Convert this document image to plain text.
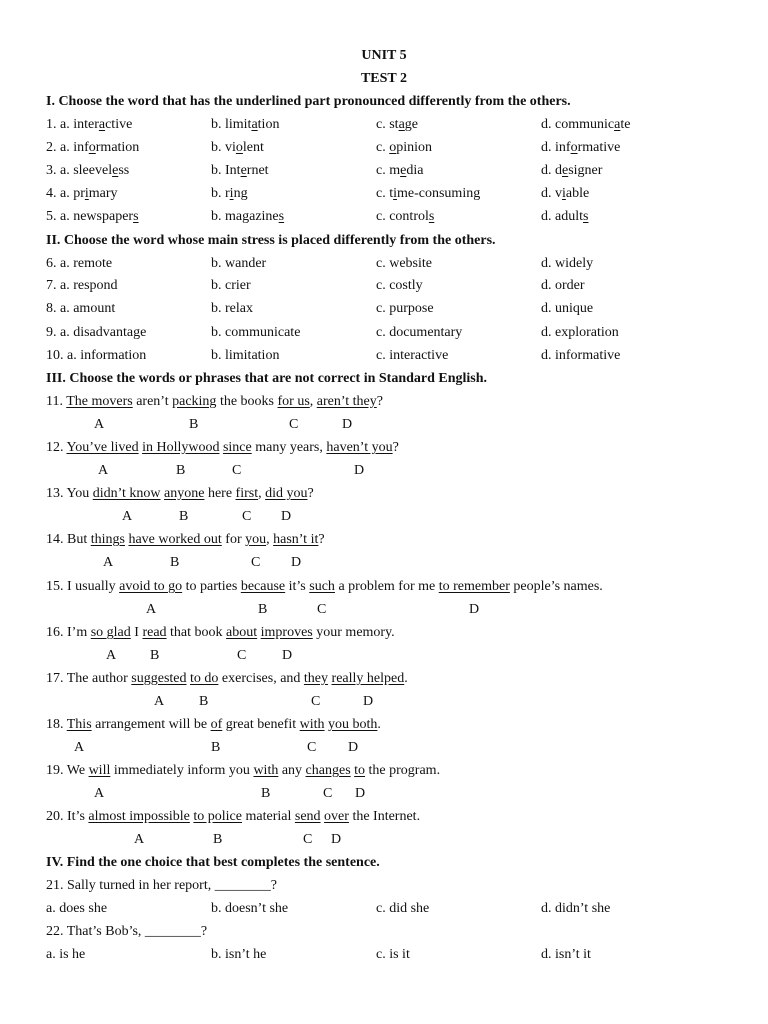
UNIT 5
TEST 2
I. Choose the word that has the underlined part pronounced differently from the others.
1. a. interactive	b. limitation	c. stage	d. communicate
2. a. information	b. violent	c. opinion	d. informative
3. a. sleeveless	b. Internet	c. media	d. designer
4. a. primary	b. ring	c. time-consuming	d. viable
5. a. newspapers	b. magazines	c. controls	d. adults
II. Choose the word whose main stress is placed differently from the others.
6. a. remote	b. wander	c. website	d. widely
7. a. respond	b. crier	c. costly	d. order
8. a. amount	b. relax	c. purpose	d. unique
9. a. disadvantage	b. communicate	c. documentary	d. exploration
10. a. information	b. limitation	c. interactive	d. informative
III. Choose the words or phrases that are not correct in Standard English.
11. The movers aren’t packing the books for us, aren’t they?
12. You’ve lived in Hollywood since many years, haven’t you?
13. You didn’t know anyone here first, did you?
14. But things have worked out for you, hasn’t it?
15. I usually avoid to go to parties because it’s such a problem for me to remember people’s names.
16. I’m so glad I read that book about improves your memory.
17. The author suggested to do exercises, and they really helped.
18. This arrangement will be of great benefit with you both.
19. We will immediately inform you with any changes to the program.
20. It’s almost impossible to police material send over the Internet.
A	B	C	D
A	B	C	D
A	B	C D
A	B	C D
A	B	C	D
A B	C	D
A B	C	D
A	B	C D
A	B	C D
A	B	C D
IV. Find the one choice that best completes the sentence.
21. Sally turned in her report, ________?
a. does she	b. doesn’t she	c. did she	d. didn’t she
22. That’s Bob’s, ________?
a. is he	b. isn’t he	c. is it	d. isn’t it
